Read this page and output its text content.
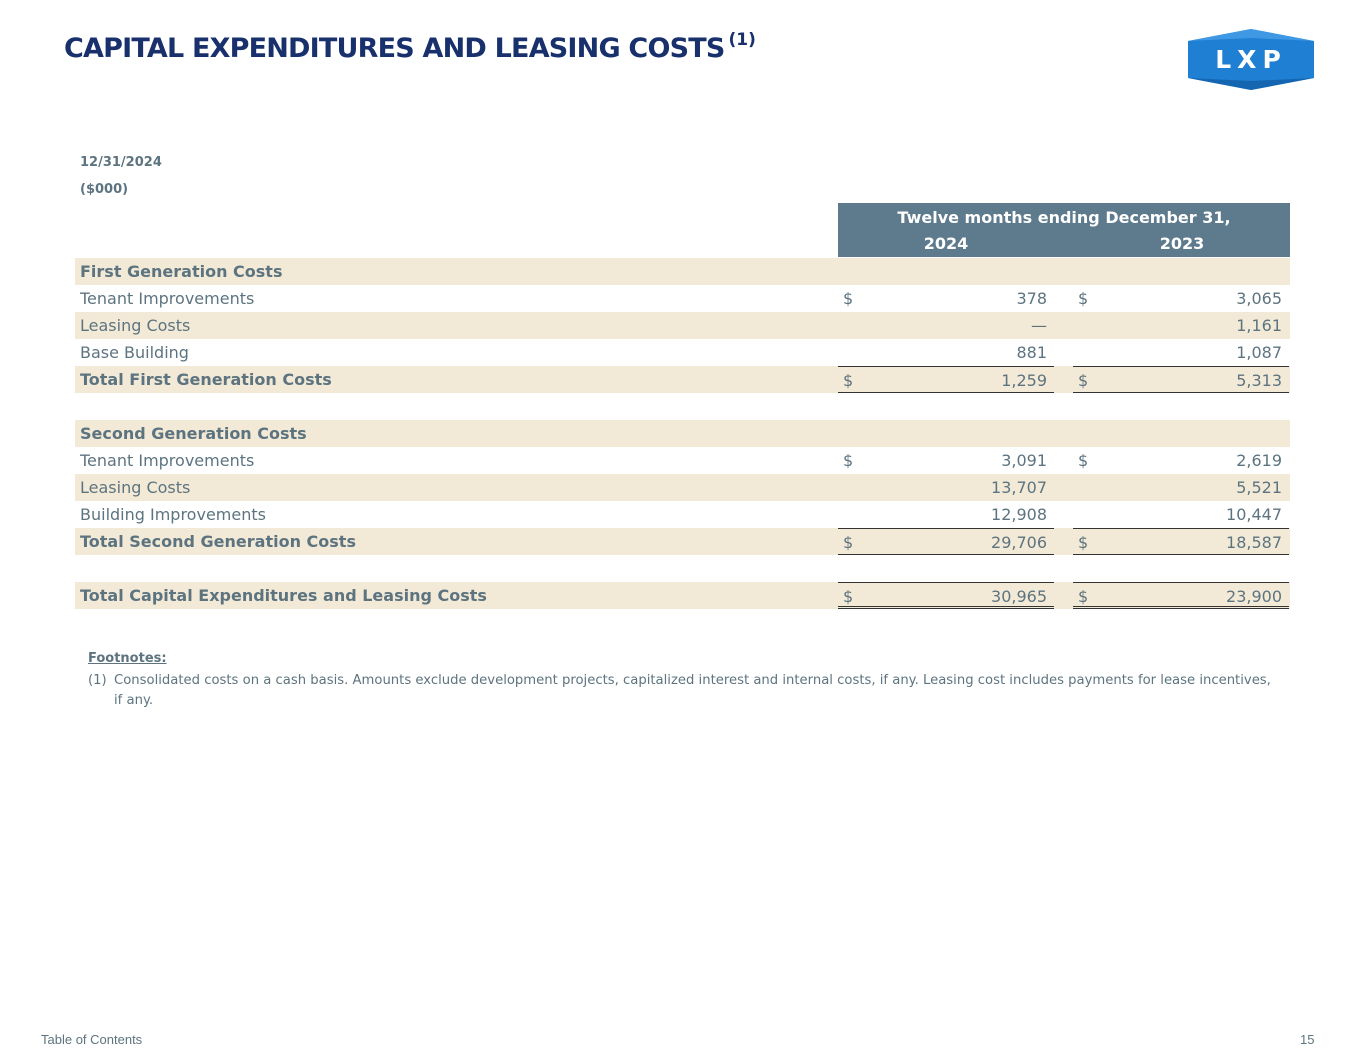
CAPITAL EXPENDITURES AND LEASING COSTS $^{(1)}$
LXP
12/31/2024
($000)
Twelve months ending December 31,
2024	2023
First Generation Costs
Tenant Improvements	$	378 $	3,065
Leasing Costs	—	1,161
Base Building	881	1,087
Total First Generation Costs	$	1,259 $	5,313
Second Generation Costs
Tenant Improvements	$	3,091 $	2,619
Leasing Costs	13,707	5,521
Building Improvements	12,908	10,447
Total Second Generation Costs	$	29,706 $	18,587
Total Capital Expenditures and Leasing Costs	$	30,965 $	23,900
Footnotes:
(1) Consolidated costs on a cash basis. Amounts exclude development projects, capitalized interest and internal costs, if any. Leasing cost includes payments for lease incentives, if any.
Table of Contents	15
